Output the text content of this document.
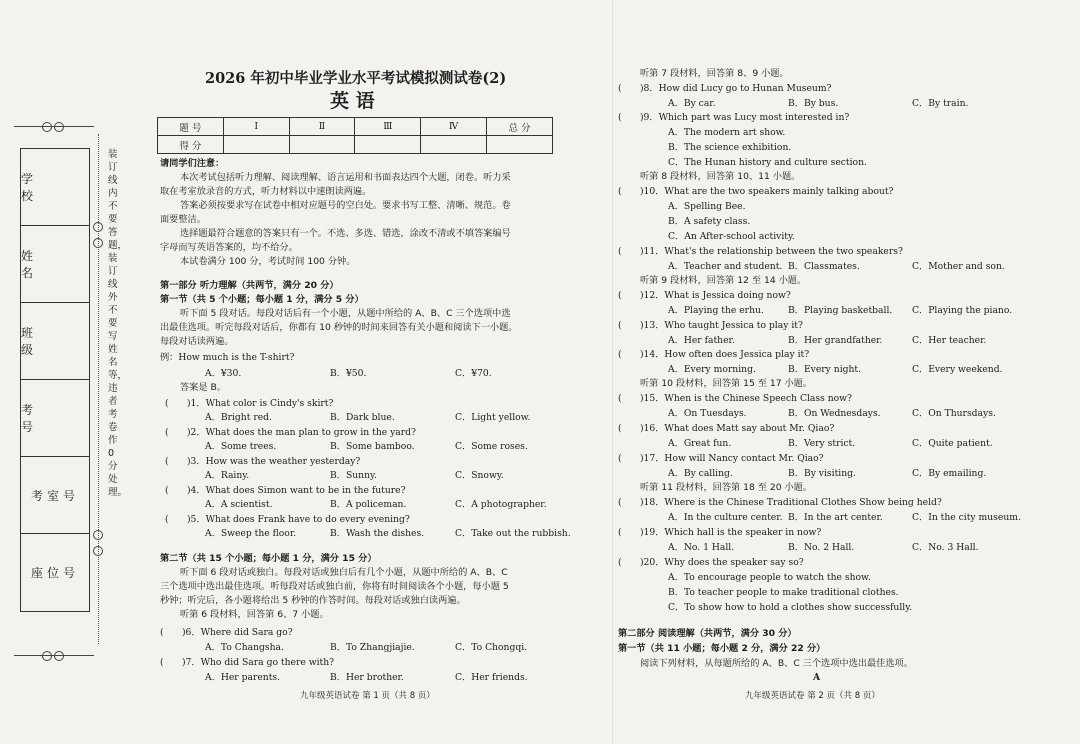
学 校
姓 名
班 级
考 号
考室号
座位号
装订线内不要答题，装订线外不要写姓名等，违者考卷作0分处理。
2026 年初中毕业学业水平考试模拟测试卷(2)
英 语
题 号	Ⅰ	Ⅱ	Ⅲ	Ⅳ	总 分
得 分					
请同学们注意：
本次考试包括听力理解、阅读理解、语言运用和书面表达四个大题，闭卷。听力采
取在考室放录音的方式，听力材料以中速朗读两遍。
答案必须按要求写在试卷中相对应题号的空白处。要求书写工整、清晰、规范。卷
面要整洁。
选择题最符合题意的答案只有一个。不选、多选、错选，涂改不清或不填答案编号
字母而写英语答案的，均不给分。
本试卷满分 100 分，考试时间 100 分钟。
第一部分 听力理解（共两节，满分 20 分）
第一节（共 5 个小题；每小题 1 分，满分 5 分）
听下面 5 段对话。每段对话后有一个小题，从题中所给的 A、B、C 三个选项中选
出最佳选项。听完每段对话后，你都有 10 秒钟的时间来回答有关小题和阅读下一小题。
每段对话读两遍。
例：How much is the T-shirt?
A．¥30.	B．¥50.	C．¥70.
答案是 B。
(　　)1．What color is Cindy's skirt?
A．Bright red.	B．Dark blue.	C．Light yellow.
(　　)2．What does the man plan to grow in the yard?
A．Some trees.	B．Some bamboo.	C．Some roses.
(　　)3．How was the weather yesterday?
A．Rainy.	B．Sunny.	C．Snowy.
(　　)4．What does Simon want to be in the future?
A．A scientist.	B．A policeman.	C．A photographer.
(　　)5．What does Frank have to do every evening?
A．Sweep the floor.	B．Wash the dishes.	C．Take out the rubbish.
第二节（共 15 个小题；每小题 1 分，满分 15 分）
听下面 6 段对话或独白。每段对话或独白后有几个小题，从题中所给的 A、B、C
三个选项中选出最佳选项。听每段对话或独白前，你将有时间阅读各个小题，每小题 5
秒钟；听完后，各小题将给出 5 秒钟的作答时间。每段对话或独白读两遍。
听第 6 段材料，回答第 6、7 小题。
(　　)6．Where did Sara go?
A．To Changsha.	B．To Zhangjiajie.	C．To Chongqi.
(　　)7．Who did Sara go there with?
A．Her parents.	B．Her brother.	C．Her friends.
九年级英语试卷 第 1 页（共 8 页）
听第 7 段材料，回答第 8、9 小题。
(　　)8．How did Lucy go to Hunan Museum?
A．By car.	B．By bus.	C．By train.
(　　)9．Which part was Lucy most interested in?
A．The modern art show.
B．The science exhibition.
C．The Hunan history and culture section.
听第 8 段材料，回答第 10、11 小题。
(　　)10．What are the two speakers mainly talking about?
A．Spelling Bee.
B．A safety class.
C．An After-school activity.
(　　)11．What's the relationship between the two speakers?
A．Teacher and student. B．Classmates.	C．Mother and son.
听第 9 段材料，回答第 12 至 14 小题。
(　　)12．What is Jessica doing now?
A．Playing the erhu.	B．Playing basketball. C．Playing the piano.
(　　)13．Who taught Jessica to play it?
A．Her father.	B．Her grandfather.	C．Her teacher.
(　　)14．How often does Jessica play it?
A．Every morning.	B．Every night.	C．Every weekend.
听第 10 段材料，回答第 15 至 17 小题。
(　　)15．When is the Chinese Speech Class now?
A．On Tuesdays.	B．On Wednesdays.	C．On Thursdays.
(　　)16．What does Matt say about Mr. Qiao?
A．Great fun.	B．Very strict.	C．Quite patient.
(　　)17．How will Nancy contact Mr. Qiao?
A．By calling.	B．By visiting.	C．By emailing.
听第 11 段材料，回答第 18 至 20 小题。
(　　)18．Where is the Chinese Traditional Clothes Show being held?
A．In the culture center. B．In the art center.	C．In the city museum.
(　　)19．Which hall is the speaker in now?
A．No. 1 Hall.	B．No. 2 Hall.	C．No. 3 Hall.
(　　)20．Why does the speaker say so?
A．To encourage people to watch the show.
B．To teacher people to make traditional clothes.
C．To show how to hold a clothes show successfully.
第二部分 阅读理解（共两节，满分 30 分）
第一节（共 11 小题；每小题 2 分，满分 22 分）
阅读下列材料，从每题所给的 A、B、C 三个选项中选出最佳选项。
A
九年级英语试卷 第 2 页（共 8 页）
